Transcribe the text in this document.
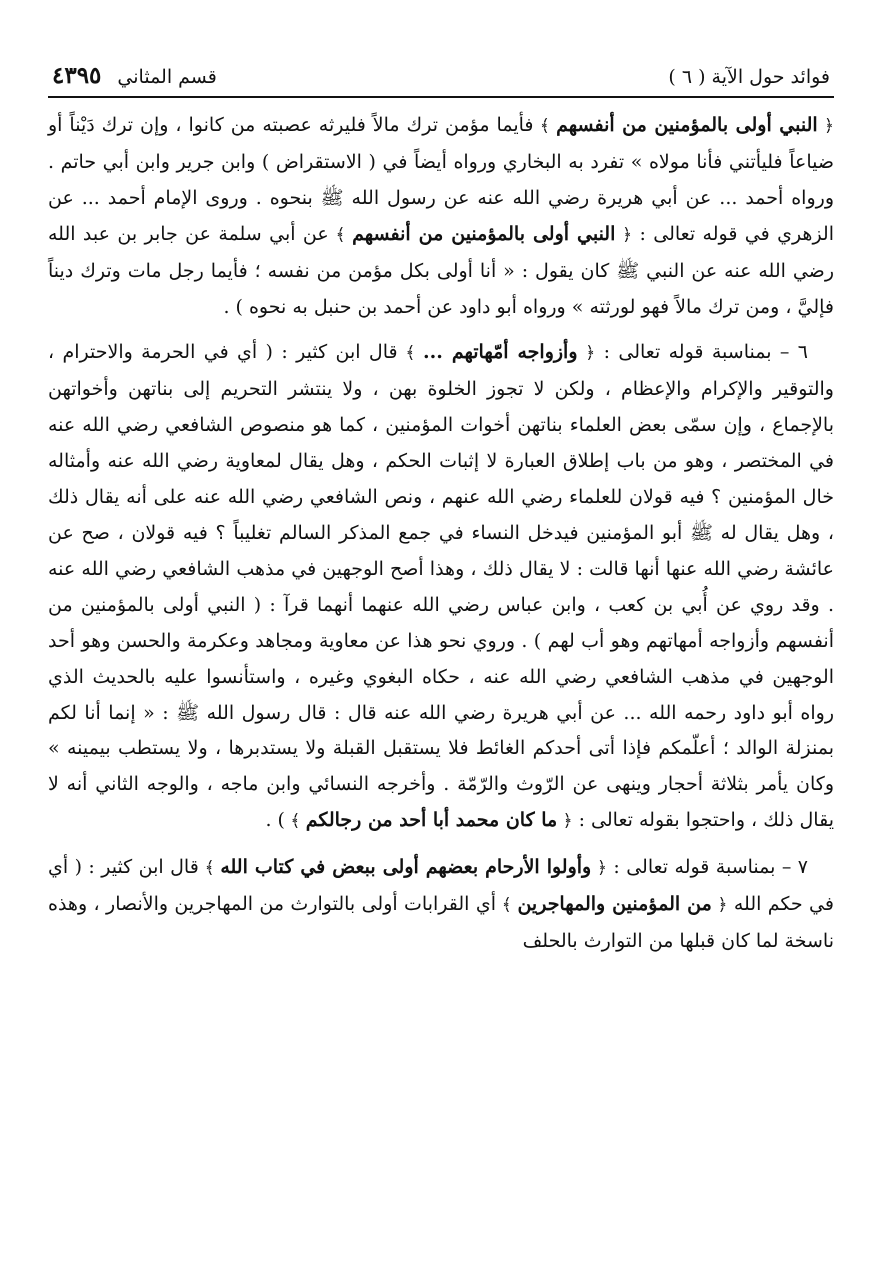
فوائد حول الآية ( ٦ )
قسم المثاني
٤٣٩٥

﴿ النبي أولى بالمؤمنين من أنفسهم ﴾ فأيما مؤمن ترك مالاً فليرثه عصبته من كانوا ، وإن ترك دَيْناً أو ضياعاً فليأتني فأنا مولاه » تفرد به البخاري ورواه أيضاً في ( الاستقراض ) وابن جرير وابن أبي حاتم . ورواه أحمد ... عن أبي هريرة رضي الله عنه عن رسول الله ﷺ بنحوه . وروى الإمام أحمد ... عن الزهري في قوله تعالى : ﴿ النبي أولى بالمؤمنين من أنفسهم ﴾ عن أبي سلمة عن جابر بن عبد الله رضي الله عنه عن النبي ﷺ كان يقول : « أنا أولى بكل مؤمن من نفسه ؛ فأيما رجل مات وترك ديناً فإليَّ ، ومن ترك مالاً فهو لورثته » ورواه أبو داود عن أحمد بن حنبل به نحوه ) .

٦ – بمناسبة قوله تعالى : ﴿ وأزواجه أمّهاتهم ... ﴾ قال ابن كثير : ( أي في الحرمة والاحترام ، والتوقير والإكرام والإعظام ، ولكن لا تجوز الخلوة بهن ، ولا ينتشر التحريم إلى بناتهن وأخواتهن بالإجماع ، وإن سمّى بعض العلماء بناتهن أخوات المؤمنين ، كما هو منصوص الشافعي رضي الله عنه في المختصر ، وهو من باب إطلاق العبارة لا إثبات الحكم ، وهل يقال لمعاوية رضي الله عنه وأمثاله خال المؤمنين ؟ فيه قولان للعلماء رضي الله عنهم ، ونص الشافعي رضي الله عنه على أنه يقال ذلك ، وهل يقال له ﷺ أبو المؤمنين فيدخل النساء في جمع المذكر السالم تغليباً ؟ فيه قولان ، صح عن عائشة رضي الله عنها أنها قالت : لا يقال ذلك ، وهذا أصح الوجهين في مذهب الشافعي رضي الله عنه . وقد روي عن أُبي بن كعب ، وابن عباس رضي الله عنهما أنهما قرآ : ( النبي أولى بالمؤمنين من أنفسهم وأزواجه أمهاتهم وهو أب لهم ) . وروي نحو هذا عن معاوية ومجاهد وعكرمة والحسن وهو أحد الوجهين في مذهب الشافعي رضي الله عنه ، حكاه البغوي وغيره ، واستأنسوا عليه بالحديث الذي رواه أبو داود رحمه الله ... عن أبي هريرة رضي الله عنه قال : قال رسول الله ﷺ : « إنما أنا لكم بمنزلة الوالد ؛ أعلّمكم فإذا أتى أحدكم الغائط فلا يستقبل القبلة ولا يستدبرها ، ولا يستطب بيمينه » وكان يأمر بثلاثة أحجار وينهى عن الرّوث والرّمّة . وأخرجه النسائي وابن ماجه ، والوجه الثاني أنه لا يقال ذلك ، واحتجوا بقوله تعالى : ﴿ ما كان محمد أبا أحد من رجالكم ﴾ ) .

٧ – بمناسبة قوله تعالى : ﴿ وأولوا الأرحام بعضهم أولى ببعض في كتاب الله ﴾ قال ابن كثير : ( أي في حكم الله ﴿ من المؤمنين والمهاجرين ﴾ أي القرابات أولى بالتوارث من المهاجرين والأنصار ، وهذه ناسخة لما كان قبلها من التوارث بالحلف
